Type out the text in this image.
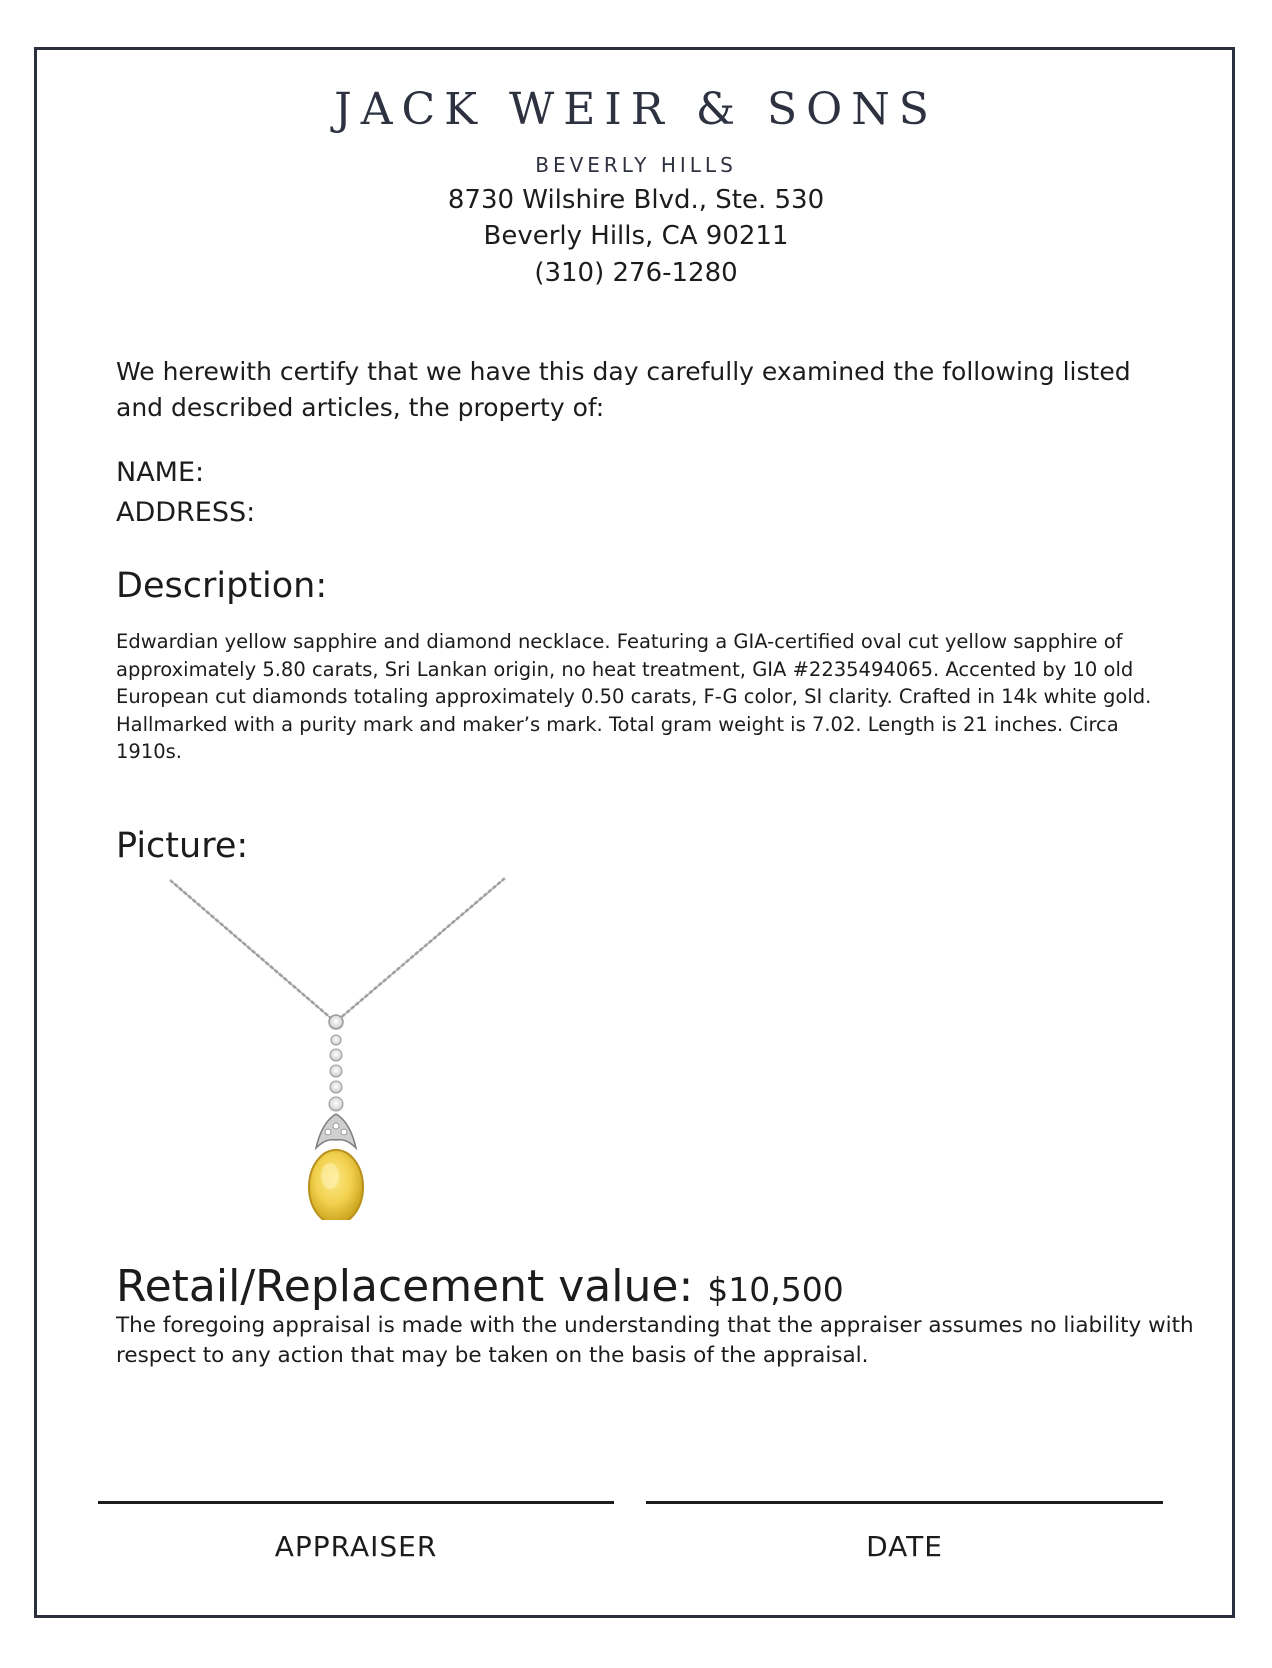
JACK WEIR & SONS
BEVERLY HILLS
8730 Wilshire Blvd., Ste. 530
Beverly Hills, CA 90211
(310) 276-1280
We herewith certify that we have this day carefully examined the following listed and described articles, the property of:
NAME:
ADDRESS:
Description:
Edwardian yellow sapphire and diamond necklace. Featuring a GIA-certified oval cut yellow sapphire of approximately 5.80 carats, Sri Lankan origin, no heat treatment, GIA #2235494065. Accented by 10 old European cut diamonds totaling approximately 0.50 carats, F-G color, SI clarity. Crafted in 14k white gold. Hallmarked with a purity mark and maker’s mark. Total gram weight is 7.02. Length is 21 inches. Circa 1910s.
Picture:
Retail/Replacement value: $10,500
The foregoing appraisal is made with the understanding that the appraiser assumes no liability with respect to any action that may be taken on the basis of the appraisal.
APPRAISER	DATE
